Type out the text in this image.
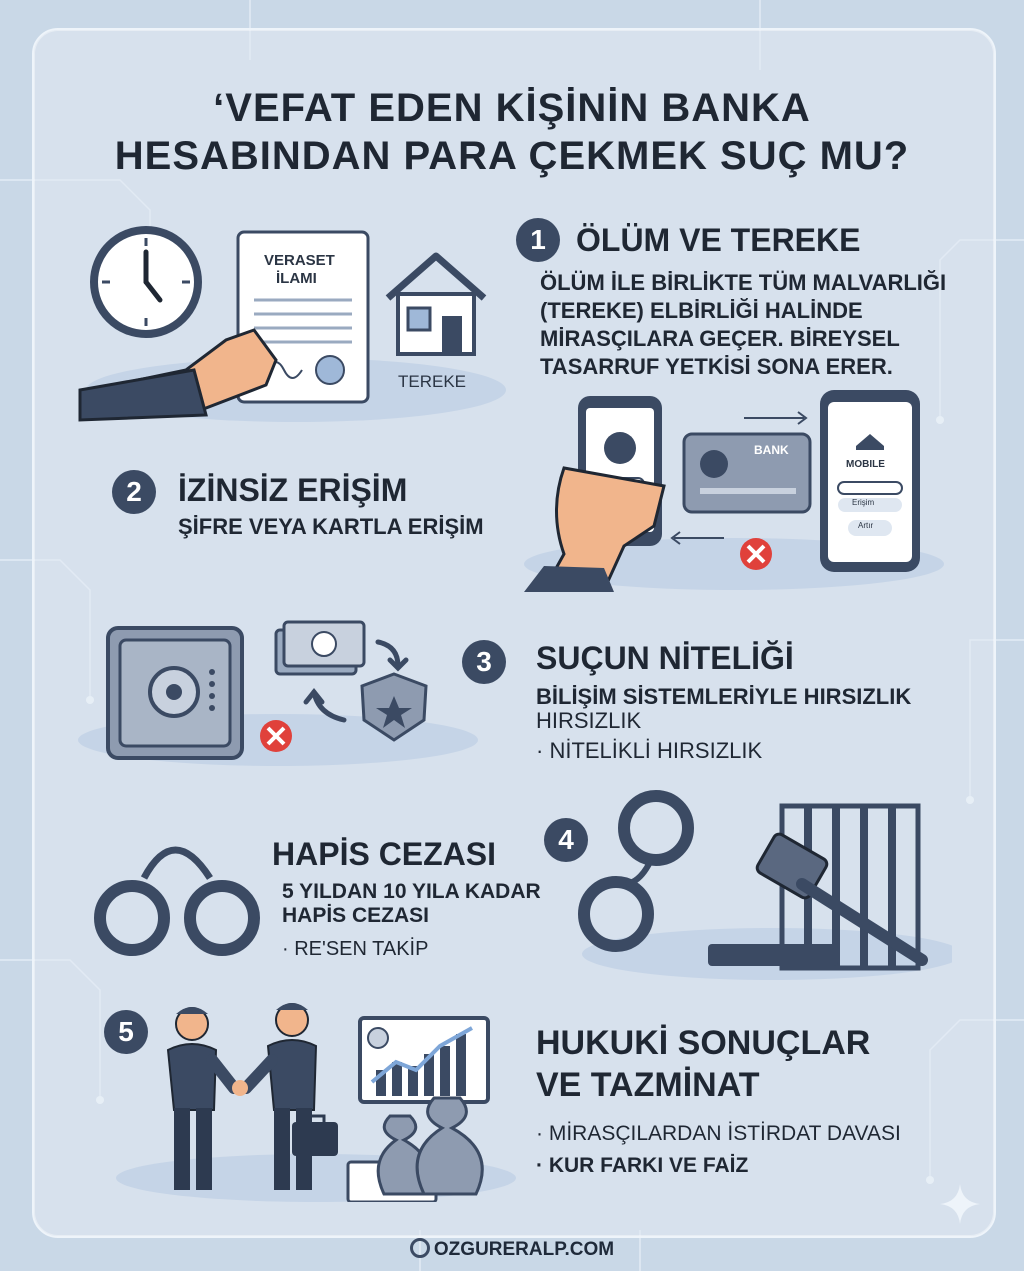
‘VEFAT EDEN KİŞİNİN BANKA
HESABINDAN PARA ÇEKMEK SUÇ MU?
VERASET
İLAMI
TEREKE
1 ÖLÜM VE TEREKE
ÖLÜM İLE BİRLİKTE TÜM MALVARLIĞI
(TEREKE) ELBİRLİĞİ HALİNDE
MİRASÇILARA GEÇER. BİREYSEL
TASARRUF YETKİSİ SONA ERER.
BANK
MOBILE
Erişim
Artır
2	İZİNSİZ ERİŞİM
ŞİFRE VEYA KARTLA ERİŞİM
3	SUÇUN NİTELİĞİ
BİLİŞİM SİSTEMLERİYLE HIRSIZLIK
HIRSIZLIK
· NİTELİKLİ HIRSIZLIK
HAPİS CEZASI
5 YILDAN 10 YILA KADAR
HAPİS CEZASI
· RE'SEN TAKİP
4
5	HUKUKİ SONUÇLAR
VE TAZMİNAT
· MİRASÇILARDAN İSTİRDAT DAVASI
· KUR FARKI VE FAİZ
OZGURERALP.COM
